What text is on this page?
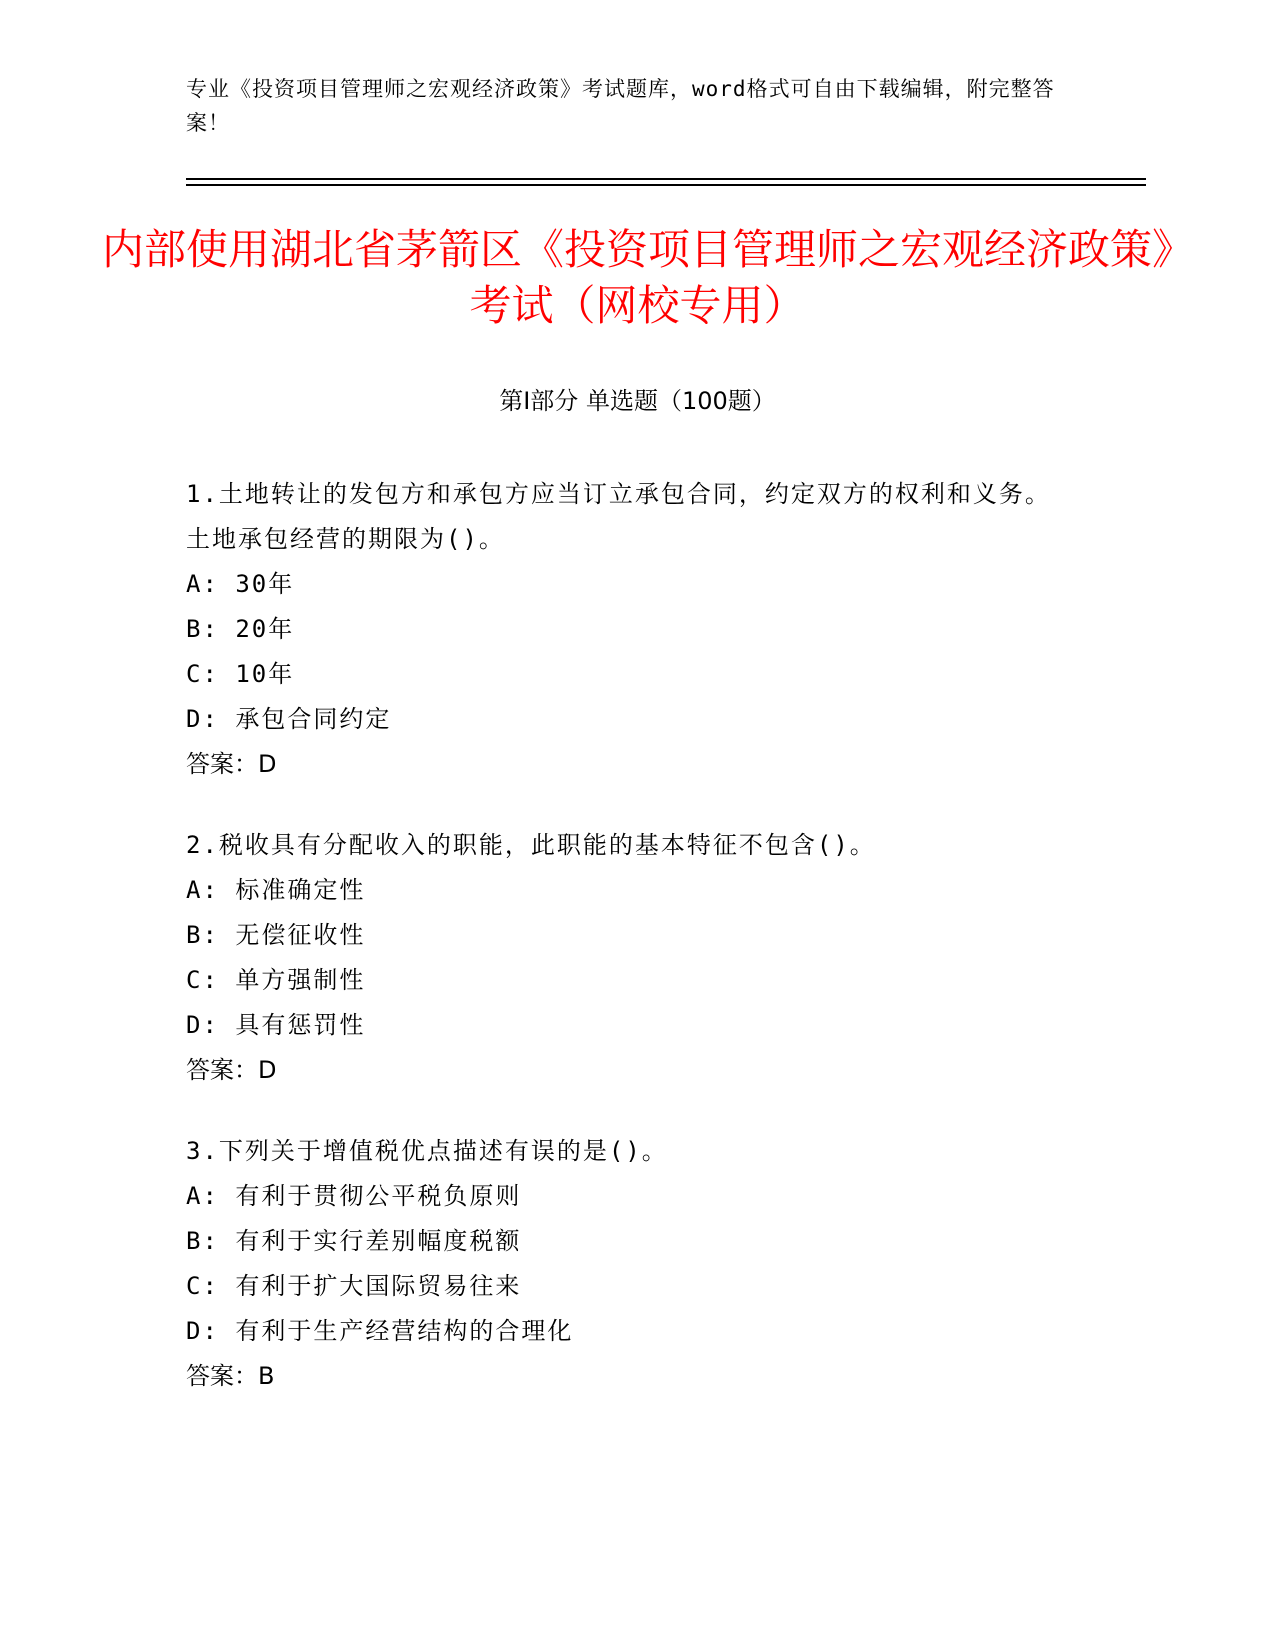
专业《投资项目管理师之宏观经济政策》考试题库，word格式可自由下载编辑，附完整答案！
内部使用湖北省茅箭区《投资项目管理师之宏观经济政策》考试（网校专用）
第Ⅰ部分 单选题（100题）
1.土地转让的发包方和承包方应当订立承包合同，约定双方的权利和义务。土地承包经营的期限为()。
A: 30年
B: 20年
C: 10年
D: 承包合同约定
答案：D
2.税收具有分配收入的职能，此职能的基本特征不包含()。
A: 标准确定性
B: 无偿征收性
C: 单方强制性
D: 具有惩罚性
答案：D
3.下列关于增值税优点描述有误的是()。
A: 有利于贯彻公平税负原则
B: 有利于实行差别幅度税额
C: 有利于扩大国际贸易往来
D: 有利于生产经营结构的合理化
答案：B
